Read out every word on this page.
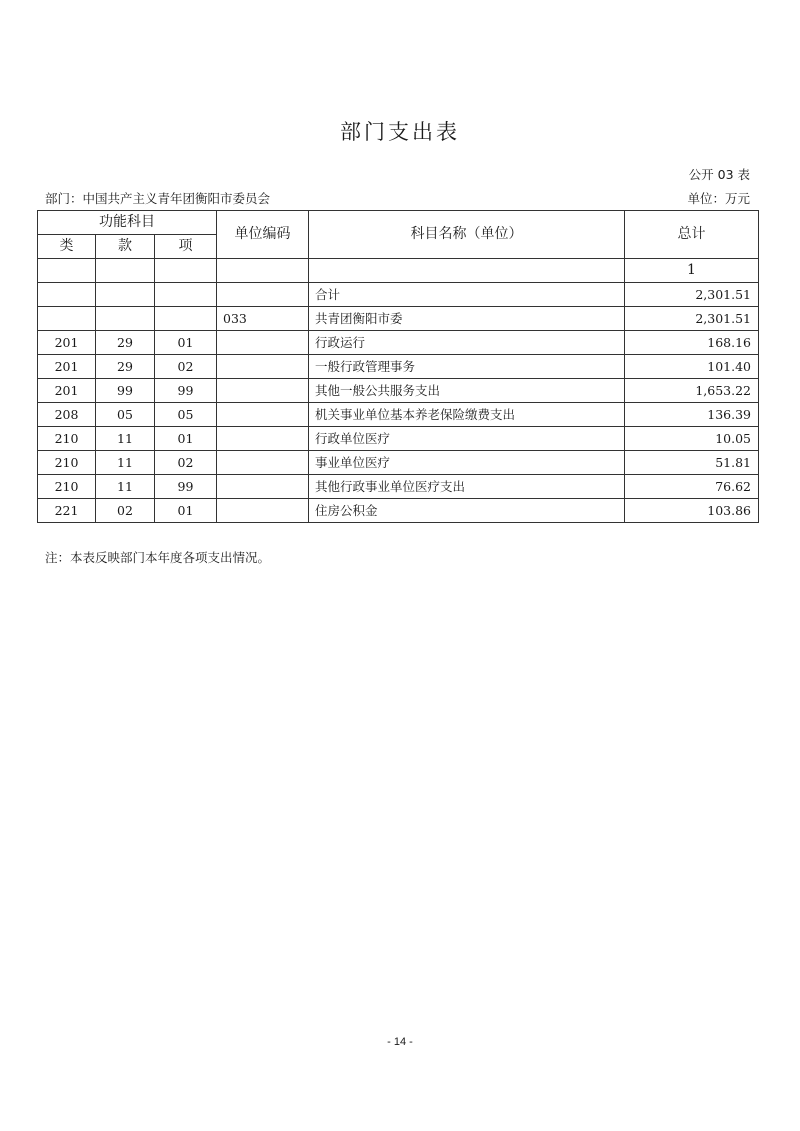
部门支出表
公开 03 表
部门：中国共产主义青年团衡阳市委员会	单位：万元
功能科目			单位编码	科目名称（单位）	总计
类	款	项			
					1
				合计	2,301.51
			033	共青团衡阳市委	2,301.51
201	29	01		行政运行	168.16
201	29	02		一般行政管理事务	101.40
201	99	99		其他一般公共服务支出	1,653.22
208	05	05		机关事业单位基本养老保险缴费支出	136.39
210	11	01		行政单位医疗	10.05
210	11	02		事业单位医疗	51.81
210	11	99		其他行政事业单位医疗支出	76.62
221	02	01		住房公积金	103.86
注：本表反映部门本年度各项支出情况。
- 14 -
